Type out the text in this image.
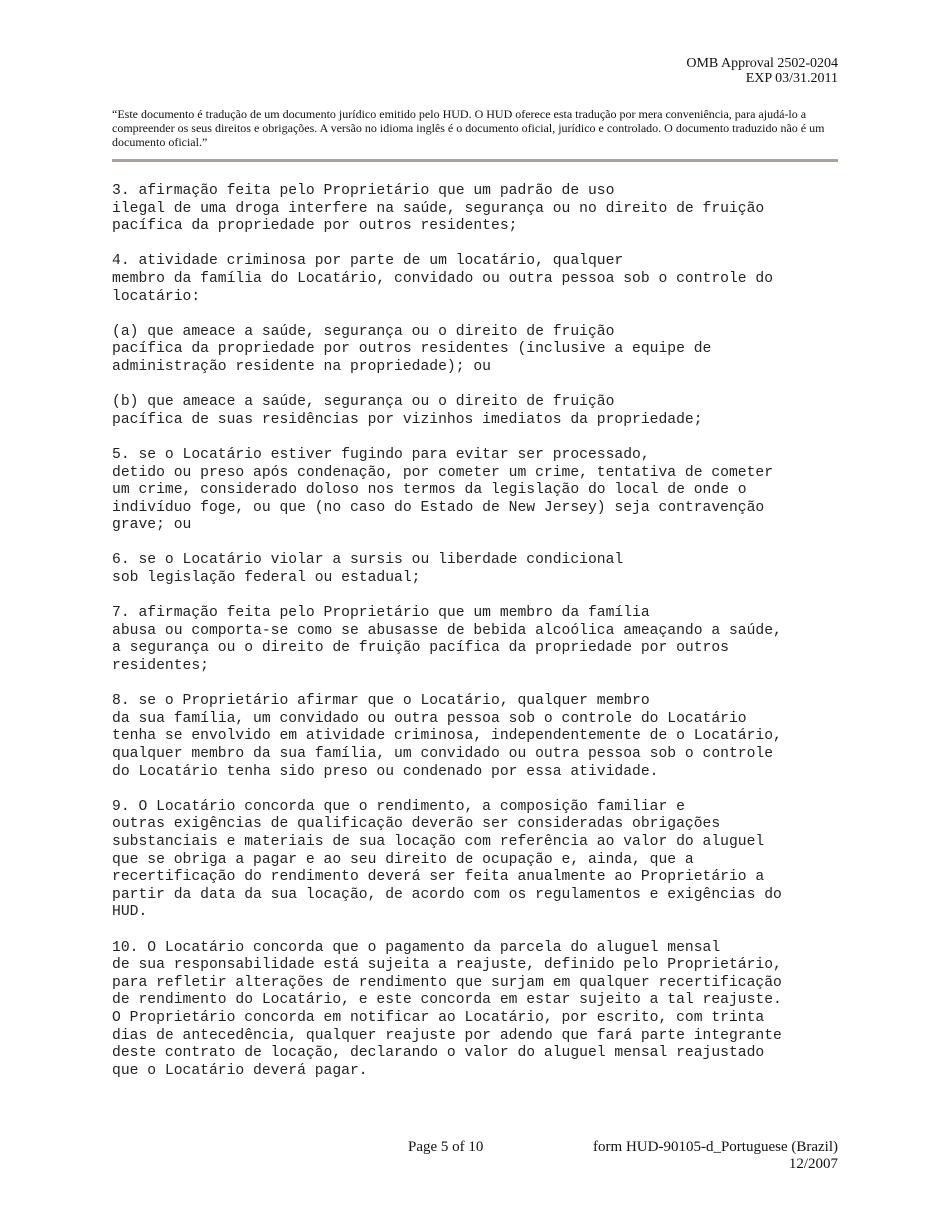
OMB Approval 2502-0204
EXP 03/31.2011
“Este documento é tradução de um documento jurídico emitido pelo HUD. O HUD oferece esta tradução por mera conveniência, para ajudá-lo a compreender os seus direitos e obrigações. A versão no idioma inglês é o documento oficial, jurídico e controlado. O documento traduzido não é um documento oficial.”

3. afirmação feita pelo Proprietário que um padrão de uso
ilegal de uma droga interfere na saúde, segurança ou no direito de fruição
pacífica da propriedade por outros residentes;

4. atividade criminosa por parte de um locatário, qualquer
membro da família do Locatário, convidado ou outra pessoa sob o controle do
locatário:

(a) que ameace a saúde, segurança ou o direito de fruição
pacífica da propriedade por outros residentes (inclusive a equipe de
administração residente na propriedade); ou

(b) que ameace a saúde, segurança ou o direito de fruição
pacífica de suas residências por vizinhos imediatos da propriedade;

5. se o Locatário estiver fugindo para evitar ser processado,
detido ou preso após condenação, por cometer um crime, tentativa de cometer
um crime, considerado doloso nos termos da legislação do local de onde o
indivíduo foge, ou que (no caso do Estado de New Jersey) seja contravenção
grave; ou

6. se o Locatário violar a sursis ou liberdade condicional
sob legislação federal ou estadual;

7. afirmação feita pelo Proprietário que um membro da família
abusa ou comporta-se como se abusasse de bebida alcoólica ameaçando a saúde,
a segurança ou o direito de fruição pacífica da propriedade por outros
residentes;

8. se o Proprietário afirmar que o Locatário, qualquer membro
da sua família, um convidado ou outra pessoa sob o controle do Locatário
tenha se envolvido em atividade criminosa, independentemente de o Locatário,
qualquer membro da sua família, um convidado ou outra pessoa sob o controle
do Locatário tenha sido preso ou condenado por essa atividade.

9. O Locatário concorda que o rendimento, a composição familiar e
outras exigências de qualificação deverão ser consideradas obrigações
substanciais e materiais de sua locação com referência ao valor do aluguel
que se obriga a pagar e ao seu direito de ocupação e, ainda, que a
recertificação do rendimento deverá ser feita anualmente ao Proprietário a
partir da data da sua locação, de acordo com os regulamentos e exigências do
HUD.

10. O Locatário concorda que o pagamento da parcela do aluguel mensal
de sua responsabilidade está sujeita a reajuste, definido pelo Proprietário,
para refletir alterações de rendimento que surjam em qualquer recertificação
de rendimento do Locatário, e este concorda em estar sujeito a tal reajuste.
O Proprietário concorda em notificar ao Locatário, por escrito, com trinta
dias de antecedência, qualquer reajuste por adendo que fará parte integrante
deste contrato de locação, declarando o valor do aluguel mensal reajustado
que o Locatário deverá pagar.

Page 5 of 10	form HUD-90105-d_Portuguese (Brazil)
12/2007
